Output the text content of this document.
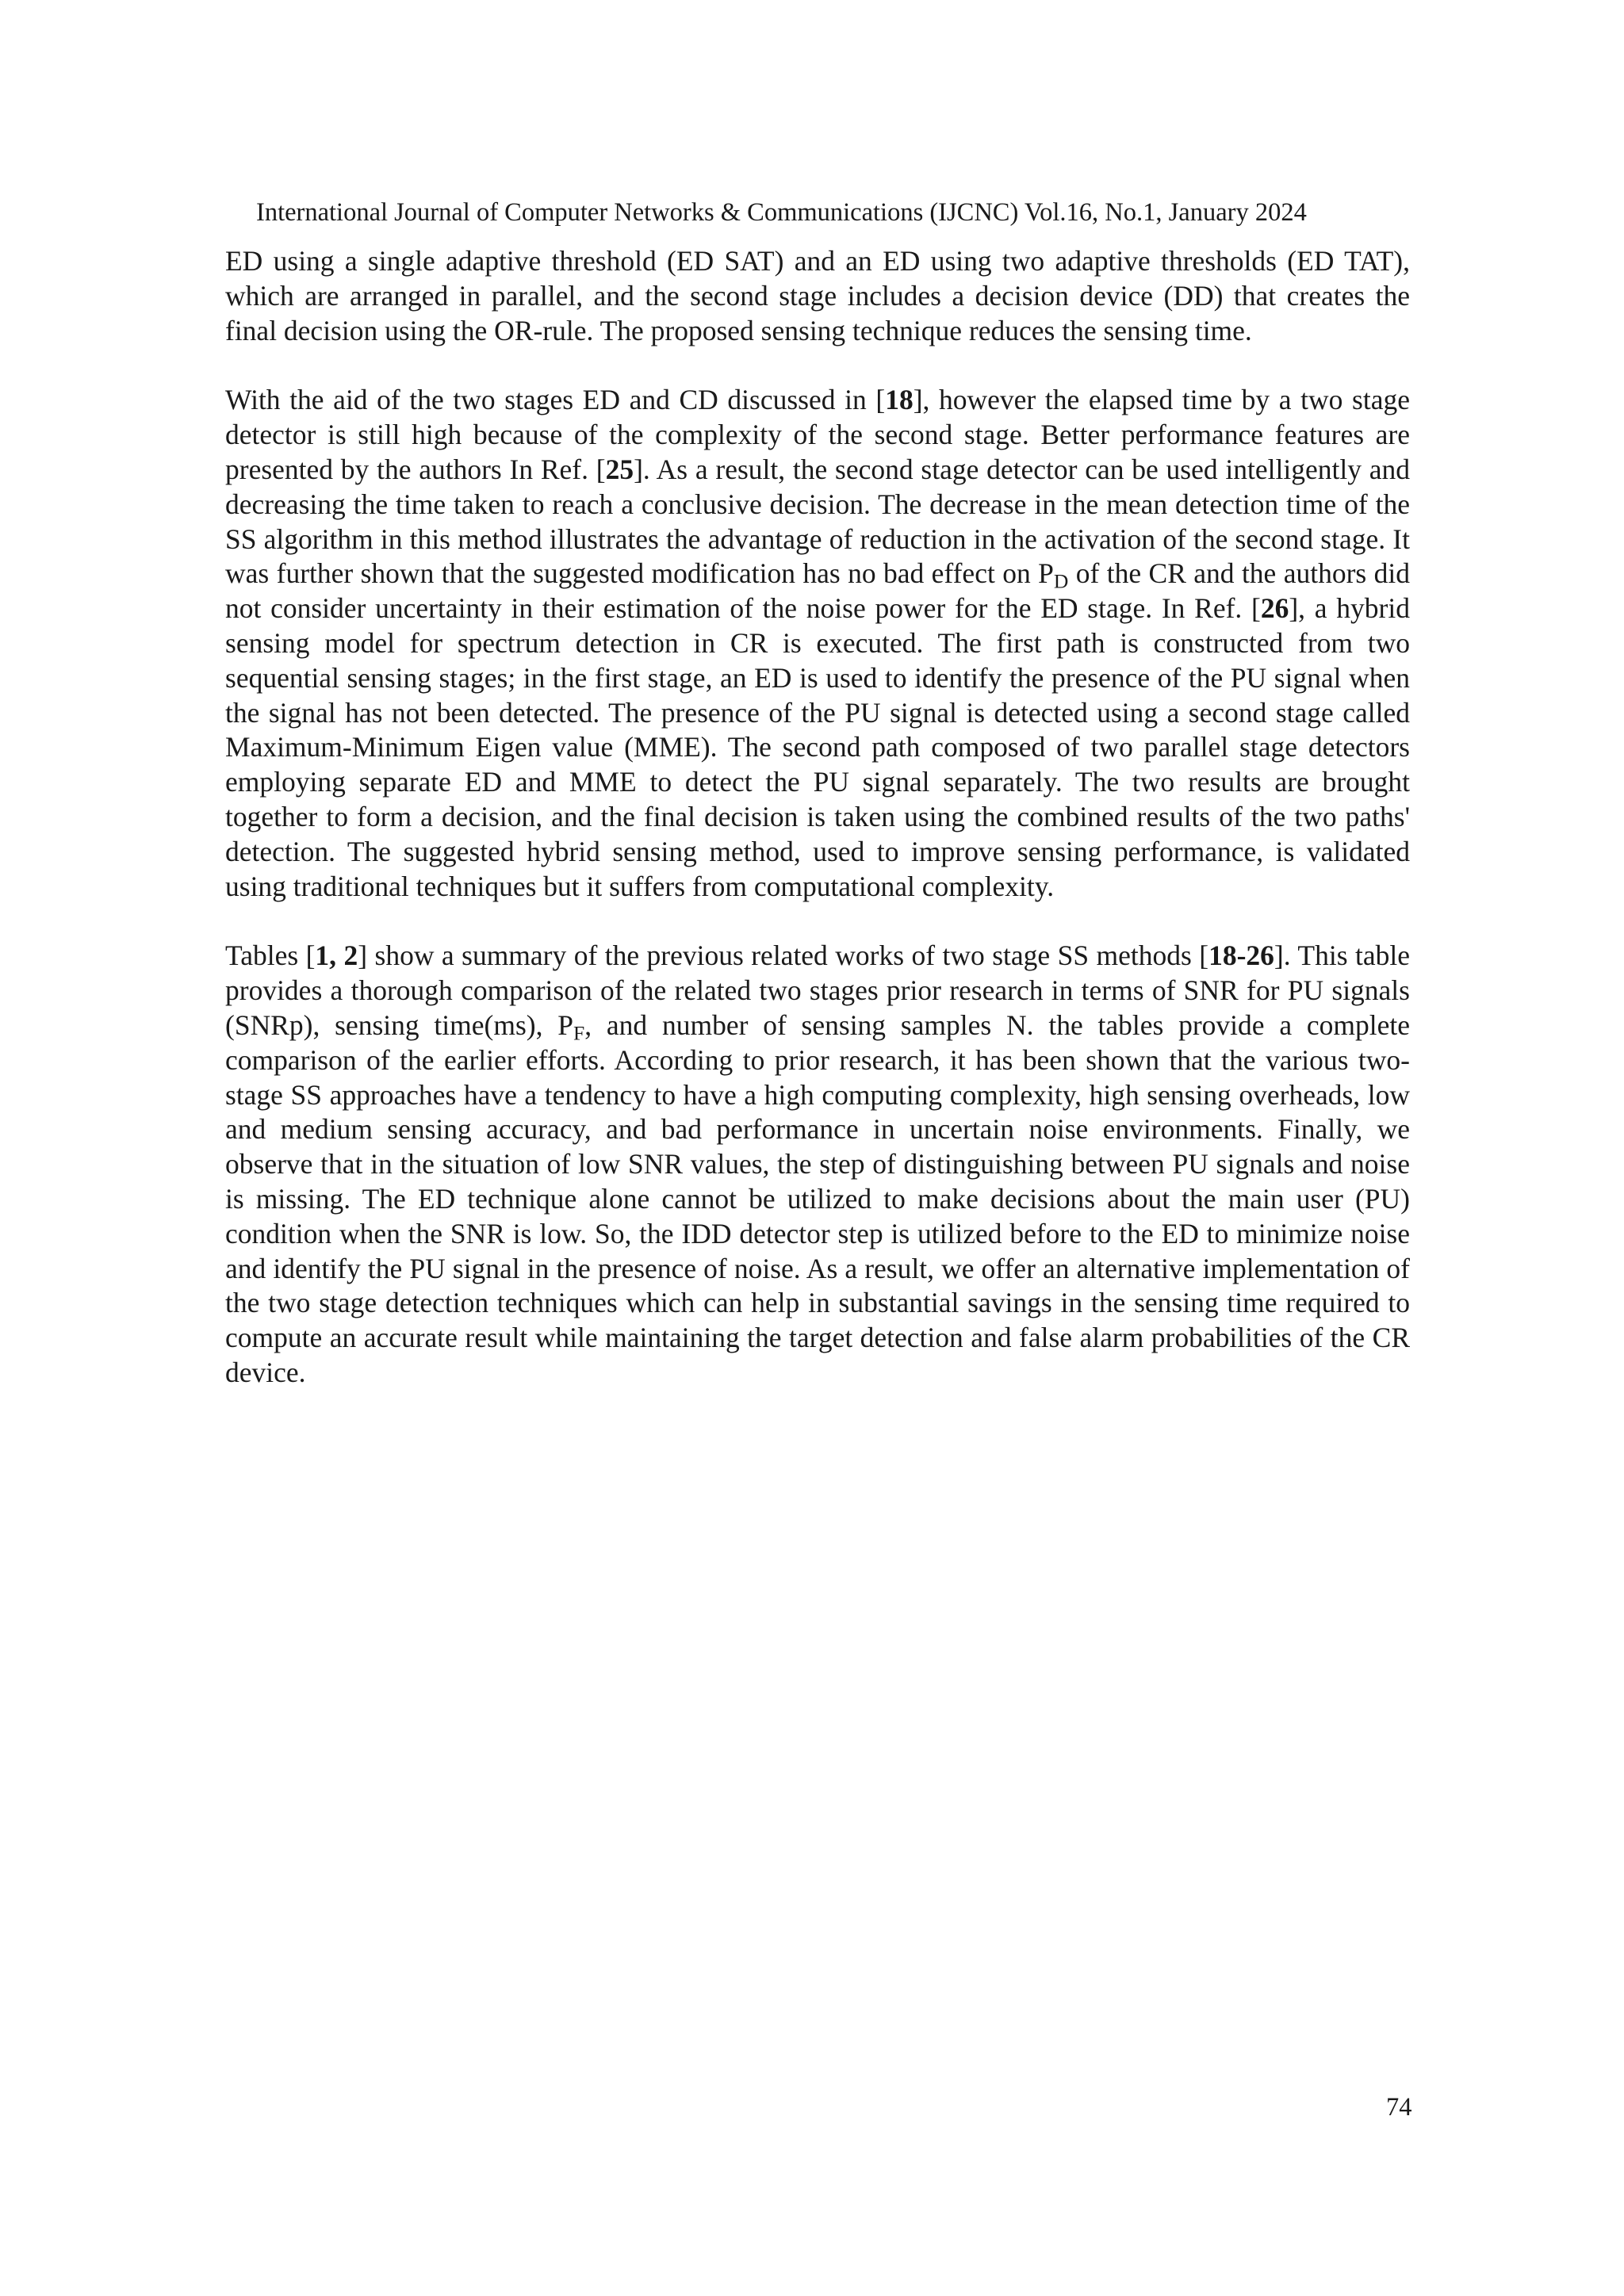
International Journal of Computer Networks & Communications (IJCNC) Vol.16, No.1, January 2024

ED using a single adaptive threshold (ED SAT) and an ED using two adaptive thresholds (ED TAT), which are arranged in parallel, and the second stage includes a decision device (DD) that creates the final decision using the OR-rule. The proposed sensing technique reduces the sensing time.

With the aid of the two stages ED and CD discussed in [18], however the elapsed time by a two stage detector is still high because of the complexity of the second stage. Better performance features are presented by the authors In Ref. [25]. As a result, the second stage detector can be used intelligently and decreasing the time taken to reach a conclusive decision. The decrease in the mean detection time of the SS algorithm in this method illustrates the advantage of reduction in the activation of the second stage. It was further shown that the suggested modification has no bad effect on $P_D$ of the CR and the authors did not consider uncertainty in their estimation of the noise power for the ED stage. In Ref. [26], a hybrid sensing model for spectrum detection in CR is executed. The first path is constructed from two sequential sensing stages; in the first stage, an ED is used to identify the presence of the PU signal when the signal has not been detected. The presence of the PU signal is detected using a second stage called Maximum-Minimum Eigen value (MME). The second path composed of two parallel stage detectors employing separate ED and MME to detect the PU signal separately. The two results are brought together to form a decision, and the final decision is taken using the combined results of the two paths' detection. The suggested hybrid sensing method, used to improve sensing performance, is validated using traditional techniques but it suffers from computational complexity.

Tables [1, 2] show a summary of the previous related works of two stage SS methods [18-26]. This table provides a thorough comparison of the related two stages prior research in terms of SNR for PU signals (SNRp), sensing time(ms), $P_F$, and number of sensing samples N. the tables provide a complete comparison of the earlier efforts. According to prior research, it has been shown that the various two-stage SS approaches have a tendency to have a high computing complexity, high sensing overheads, low and medium sensing accuracy, and bad performance in uncertain noise environments. Finally, we observe that in the situation of low SNR values, the step of distinguishing between PU signals and noise is missing. The ED technique alone cannot be utilized to make decisions about the main user (PU) condition when the SNR is low. So, the IDD detector step is utilized before to the ED to minimize noise and identify the PU signal in the presence of noise. As a result, we offer an alternative implementation of the two stage detection techniques which can help in substantial savings in the sensing time required to compute an accurate result while maintaining the target detection and false alarm probabilities of the CR device.

74
